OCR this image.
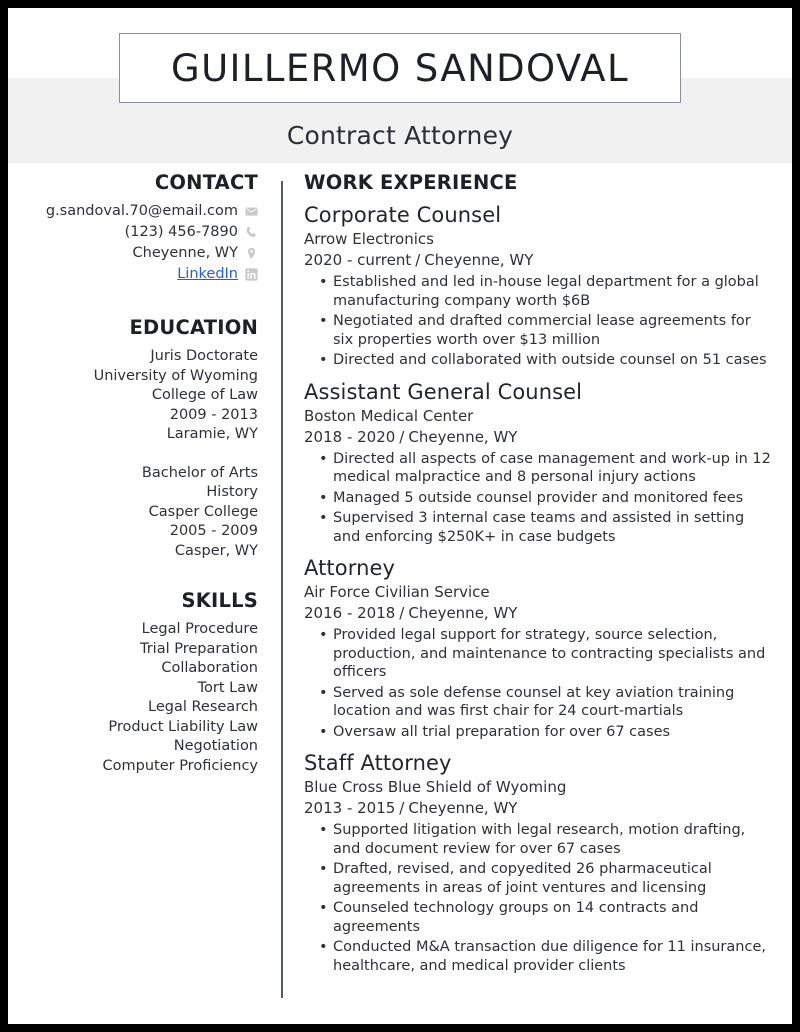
GUILLERMO SANDOVAL
Contract Attorney
CONTACT
g.sandoval.70@email.com
(123) 456-7890
Cheyenne, WY
LinkedIn
EDUCATION
Juris Doctorate
University of Wyoming
College of Law
2009 - 2013
Laramie, WY
Bachelor of Arts
History
Casper College
2005 - 2009
Casper, WY
SKILLS
Legal Procedure
Trial Preparation
Collaboration
Tort Law
Legal Research
Product Liability Law
Negotiation
Computer Proficiency
WORK EXPERIENCE
Corporate Counsel
Arrow Electronics
2020 - current / Cheyenne, WY
• Established and led in-house legal department for a global manufacturing company worth $6B
• Negotiated and drafted commercial lease agreements for six properties worth over $13 million
• Directed and collaborated with outside counsel on 51 cases
Assistant General Counsel
Boston Medical Center
2018 - 2020 / Cheyenne, WY
• Directed all aspects of case management and work-up in 12 medical malpractice and 8 personal injury actions
• Managed 5 outside counsel provider and monitored fees
• Supervised 3 internal case teams and assisted in setting and enforcing $250K+ in case budgets
Attorney
Air Force Civilian Service
2016 - 2018 / Cheyenne, WY
• Provided legal support for strategy, source selection, production, and maintenance to contracting specialists and officers
• Served as sole defense counsel at key aviation training location and was first chair for 24 court-martials
• Oversaw all trial preparation for over 67 cases
Staff Attorney
Blue Cross Blue Shield of Wyoming
2013 - 2015 / Cheyenne, WY
• Supported litigation with legal research, motion drafting, and document review for over 67 cases
• Drafted, revised, and copyedited 26 pharmaceutical agreements in areas of joint ventures and licensing
• Counseled technology groups on 14 contracts and agreements
• Conducted M&A transaction due diligence for 11 insurance, healthcare, and medical provider clients
